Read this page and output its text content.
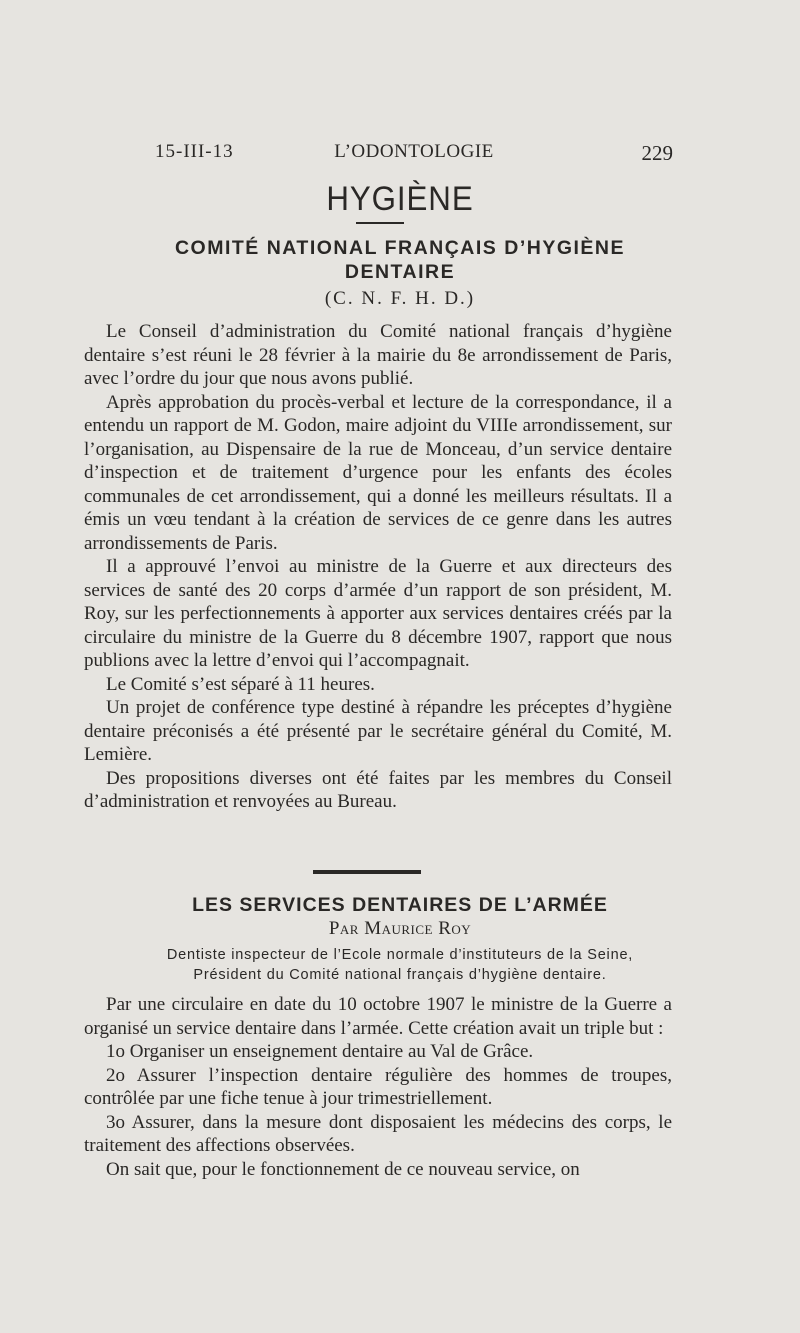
15-III-13	L’ODONTOLOGIE	229
HYGIÈNE
COMITÉ NATIONAL FRANÇAIS D’HYGIÈNE
DENTAIRE
(C. N. F. H. D.)

Le Conseil d’administration du Comité national français d’hygiène dentaire s’est réuni le 28 février à la mairie du 8e arrondissement de Paris, avec l’ordre du jour que nous avons publié.

Après approbation du procès-verbal et lecture de la correspondance, il a entendu un rapport de M. Godon, maire adjoint du VIIIe arrondissement, sur l’organisation, au Dispensaire de la rue de Monceau, d’un service dentaire d’inspection et de traitement d’urgence pour les enfants des écoles communales de cet arrondissement, qui a donné les meilleurs résultats. Il a émis un vœu tendant à la création de services de ce genre dans les autres arrondissements de Paris.

Il a approuvé l’envoi au ministre de la Guerre et aux directeurs des services de santé des 20 corps d’armée d’un rapport de son président, M. Roy, sur les perfectionnements à apporter aux services dentaires créés par la circulaire du ministre de la Guerre du 8 décembre 1907, rapport que nous publions avec la lettre d’envoi qui l’accompagnait.

Le Comité s’est séparé à 11 heures.

Un projet de conférence type destiné à répandre les préceptes d’hygiène dentaire préconisés a été présenté par le secrétaire général du Comité, M. Lemière.

Des propositions diverses ont été faites par les membres du Conseil d’administration et renvoyées au Bureau.

LES SERVICES DENTAIRES DE L’ARMÉE
Par Maurice Roy
Dentiste inspecteur de l’Ecole normale d’instituteurs de la Seine,
Président du Comité national français d’hygiène dentaire.

Par une circulaire en date du 10 octobre 1907 le ministre de la Guerre a organisé un service dentaire dans l’armée. Cette création avait un triple but :

1o Organiser un enseignement dentaire au Val de Grâce.

2o Assurer l’inspection dentaire régulière des hommes de troupes, contrôlée par une fiche tenue à jour trimestriellement.

3o Assurer, dans la mesure dont disposaient les médecins des corps, le traitement des affections observées.

On sait que, pour le fonctionnement de ce nouveau service, on
